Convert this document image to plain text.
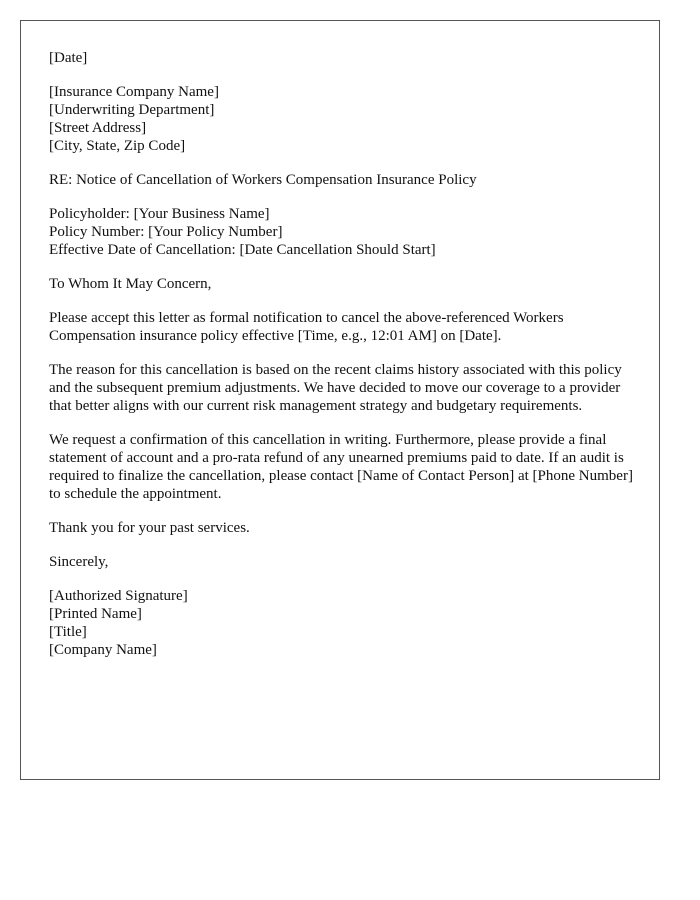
[Date]
[Insurance Company Name]
[Underwriting Department]
[Street Address]
[City, State, Zip Code]
RE: Notice of Cancellation of Workers Compensation Insurance Policy
Policyholder: [Your Business Name]
Policy Number: [Your Policy Number]
Effective Date of Cancellation: [Date Cancellation Should Start]
To Whom It May Concern,

Please accept this letter as formal notification to cancel the above-referenced Workers Compensation insurance policy effective [Time, e.g., 12:01 AM] on [Date].

The reason for this cancellation is based on the recent claims history associated with this policy and the subsequent premium adjustments. We have decided to move our coverage to a provider that better aligns with our current risk management strategy and budgetary requirements.

We request a confirmation of this cancellation in writing. Furthermore, please provide a final statement of account and a pro-rata refund of any unearned premiums paid to date. If an audit is required to finalize the cancellation, please contact [Name of Contact Person] at [Phone Number] to schedule the appointment.

Thank you for your past services.

Sincerely,
[Authorized Signature]
[Printed Name]
[Title]
[Company Name]
